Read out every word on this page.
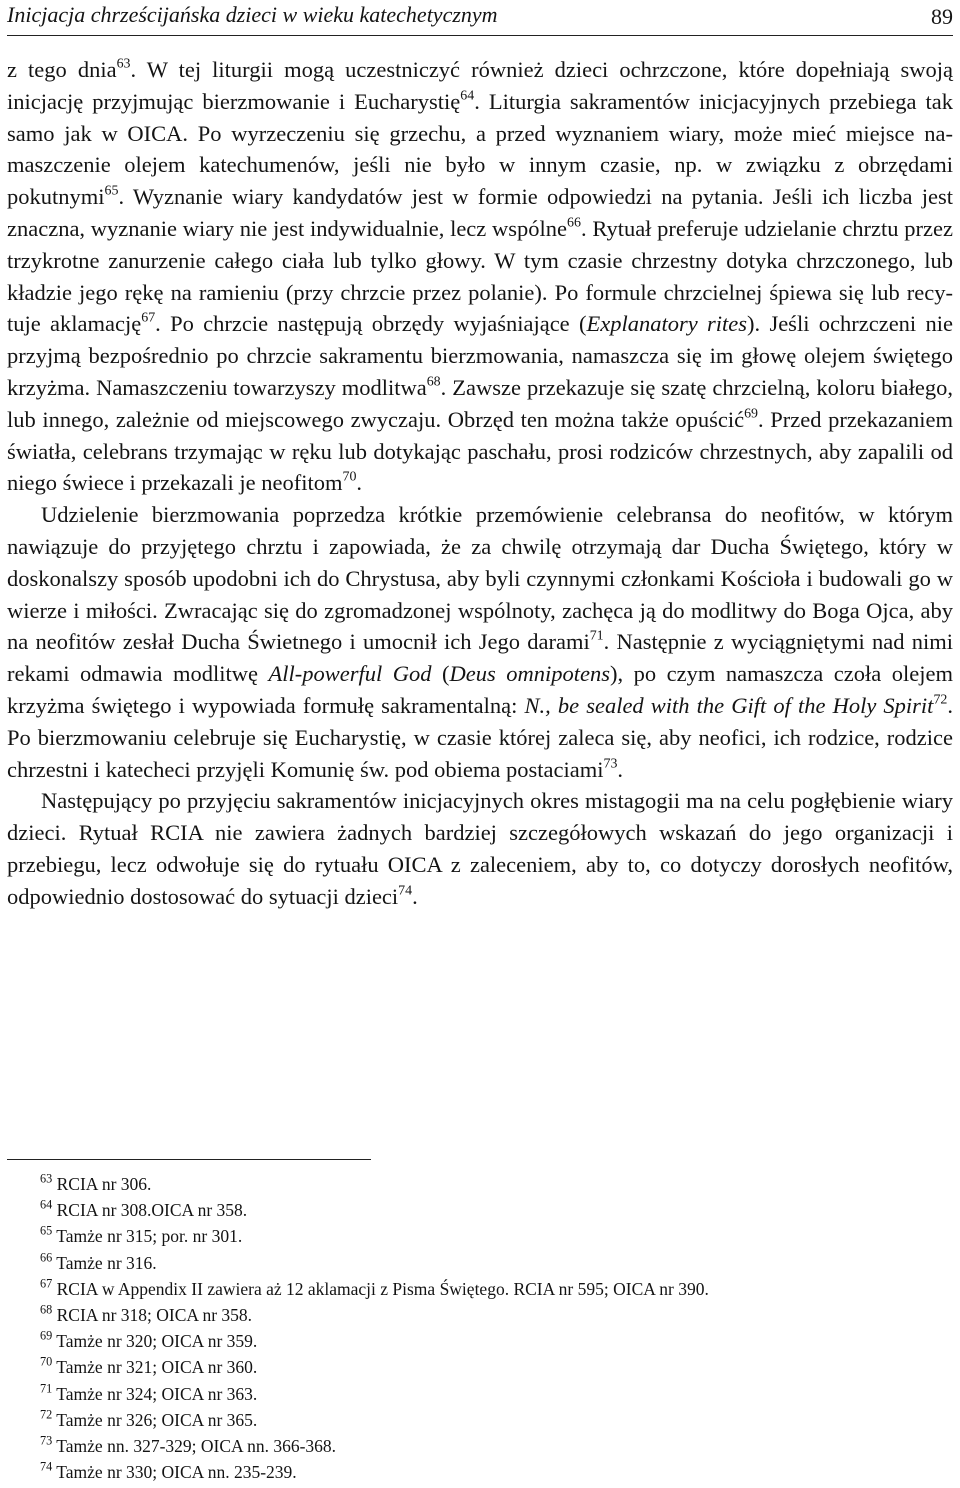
Inicjacja chrześcijańska dzieci w wieku katechetycznym	89

z tego dnia$^{63}$. W tej liturgii mogą uczestniczyć również dzieci ochrzczone, które dopełniają swoją inicjację przyjmując bierzmowanie i Eucharystię$^{64}$. Liturgia sakramentów inicjacyjnych przebiega tak samo jak w OICA. Po wyrzeczeniu się grzechu, a przed wyznaniem wiary, może mieć miejsce namaszczenie olejem katechumenów, jeśli nie było w innym czasie, np. w związku z obrzędami pokutnymi$^{65}$. Wyznanie wiary kandydatów jest w formie odpowiedzi na pytania. Jeśli ich liczba jest znaczna, wyznanie wiary nie jest indywidualnie, lecz wspólne$^{66}$. Rytuał preferuje udzielanie chrztu przez trzykrotne zanurzenie całego ciała lub tylko głowy. W tym czasie chrzestny dotyka chrzczonego, lub kładzie jego rękę na ramieniu (przy chrzcie przez polanie). Po formule chrzcielnej śpiewa się lub recytuje aklamację$^{67}$. Po chrzcie następują obrzędy wyjaśniające (Explanatory rites). Jeśli ochrzczeni nie przyjmą bezpośrednio po chrzcie sakramentu bierzmowania, namaszcza się im głowę olejem świętego krzyżma. Namaszczeniu towarzyszy modlitwa$^{68}$. Zawsze przekazuje się szatę chrzcielną, koloru białego, lub innego, zależnie od miejscowego zwyczaju. Obrzęd ten można także opuścić$^{69}$. Przed przekazaniem światła, celebrans trzymając w ręku lub dotykając paschału, prosi rodziców chrzestnych, aby zapalili od niego świece i przekazali je neofitom$^{70}$.

Udzielenie bierzmowania poprzedza krótkie przemówienie celebransa do neofitów, w którym nawiązuje do przyjętego chrztu i zapowiada, że za chwilę otrzymają dar Ducha Świętego, który w doskonalszy sposób upodobni ich do Chrystusa, aby byli czynnymi członkami Kościoła i budowali go w wierze i miłości. Zwracając się do zgromadzonej wspólnoty, zachęca ją do modlitwy do Boga Ojca, aby na neofitów zesłał Ducha Świetnego i umocnił ich Jego darami$^{71}$. Następnie z wyciągniętymi nad nimi rekami odmawia modlitwę All-powerful God (Deus omnipotens), po czym namaszcza czoła olejem krzyżma świętego i wypowiada formułę sakramentalną: N., be sealed with the Gift of the Holy Spirit$^{72}$. Po bierzmowaniu celebruje się Eucharystię, w czasie której zaleca się, aby neofici, ich rodzice, rodzice chrzestni i katecheci przyjęli Komunię św. pod obiema postaciami$^{73}$.

Następujący po przyjęciu sakramentów inicjacyjnych okres mistagogii ma na celu pogłębienie wiary dzieci. Rytuał RCIA nie zawiera żadnych bardziej szczegółowych wskazań do jego organizacji i przebiegu, lecz odwołuje się do rytuału OICA z zaleceniem, aby to, co dotyczy dorosłych neofitów, odpowiednio dostosować do sytuacji dzieci$^{74}$.

$^{63}$ RCIA nr 306.
$^{64}$ RCIA nr 308.OICA nr 358.
$^{65}$ Tamże nr 315; por. nr 301.
$^{66}$ Tamże nr 316.
$^{67}$ RCIA w Appendix II zawiera aż 12 aklamacji z Pisma Świętego. RCIA nr 595; OICA nr 390.
$^{68}$ RCIA nr 318; OICA nr 358.
$^{69}$ Tamże nr 320; OICA nr 359.
$^{70}$ Tamże nr 321; OICA nr 360.
$^{71}$ Tamże nr 324; OICA nr 363.
$^{72}$ Tamże nr 326; OICA nr 365.
$^{73}$ Tamże nn. 327-329; OICA nn. 366-368.
$^{74}$ Tamże nr 330; OICA nn. 235-239.
